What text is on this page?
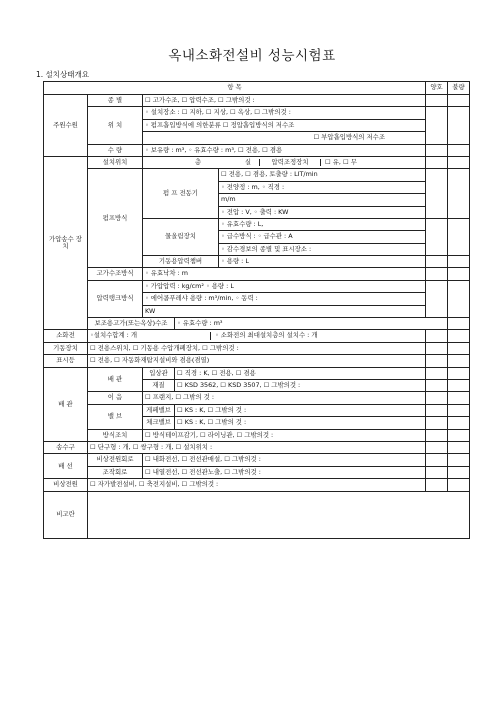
옥내소화전설비 성능시험표
1. 설치상태개요
항 목					양호	불량	
주원수원	종 별	☐ 고가수조, ☐ 압력수조, ☐ 그밖의것 :					
	위 치	◦ 설치장소 : ☐ 지하, ☐ 지상, ☐ 옥상, ☐ 그밖의것 :					
		◦ 펌프흡입방식에 의한분류 ☐ 정압흡입방식의 저수조					
		☐ 부압흡입방식의 저수조					
	수 량	◦ 보유량 : m³, ◦ 유효수량 : m³, ☐ 전용, ☐ 겸용					
가압송수 장 치	설치위치	층 실 압력조정장치 ☐ 유, ☐ 무					

	펌프방식	펌 프 전동기		☐ 전용, ☐ 겸용, 토출량 : LIT/min			
				◦ 전양정 : m, ◦ 직경 :			
				m/m			
				◦ 전압 : V, ◦ 출력 : KW			
		물올림장치		◦ 유효수량 : L,			
				◦ 급수방식 : ◦ 급수관 : A			
				◦ 감수경보의 종별 및 표시장소 :			
		기동용압력챔버		◦ 용량 : L			
	고가수조방식	◦ 유효낙차 : m					
	압력탱크방식	◦ 가압압력 : kg/cm² ◦ 용량 : L					
		◦ 에어콤푸레샤 용량 : m³/min, ◦ 동력 :					
		KW					
	보조용고가(또는옥상)수조		◦ 유효수량 : m³				
소화전	◦설치수합계 : 개 ◦ 소화전의 최대설치층의 설치수 : 개						

기동장치	☐ 전용스위치, ☐ 기동용 수압개폐장치, ☐ 그밖의것 :						
표시등	☐ 전용, ☐ 자동화재탐지설비와 겸용(겸열)						
배 관	배 관	입상관	☐ 직경 : K, ☐ 전용, ☐ 겸용				
		재질	☐ KSD 3562, ☐ KSD 3507, ☐ 그밖의것 :				
	이 음	☐ 프랜지, ☐ 그밖의 것 :					
	밸 브	게페밸브	☐ KS : K, ☐ 그밖의 것 :				
		체크밸브	☐ KS : K, ☐ 그밖의 것 :				
	방식조치	☐ 방식테이프감기, ☐ 라이닝관, ☐ 그밖의것 :					
송수구	☐ 단구형 : 개, ☐ 쌍구형 : 개, ☐ 설치위치 :						
배 선	비상전원회로	☐ 내화전선, ☐ 전선관매설, ☐ 그밖의것 :					
	조작회로	☐ 내열전선, ☐ 전선관노출, ☐ 그밖의것 :					
비상전원	☐ 자가발전설비, ☐ 축전지설비, ☐ 그밖의것 :						
비고란							
